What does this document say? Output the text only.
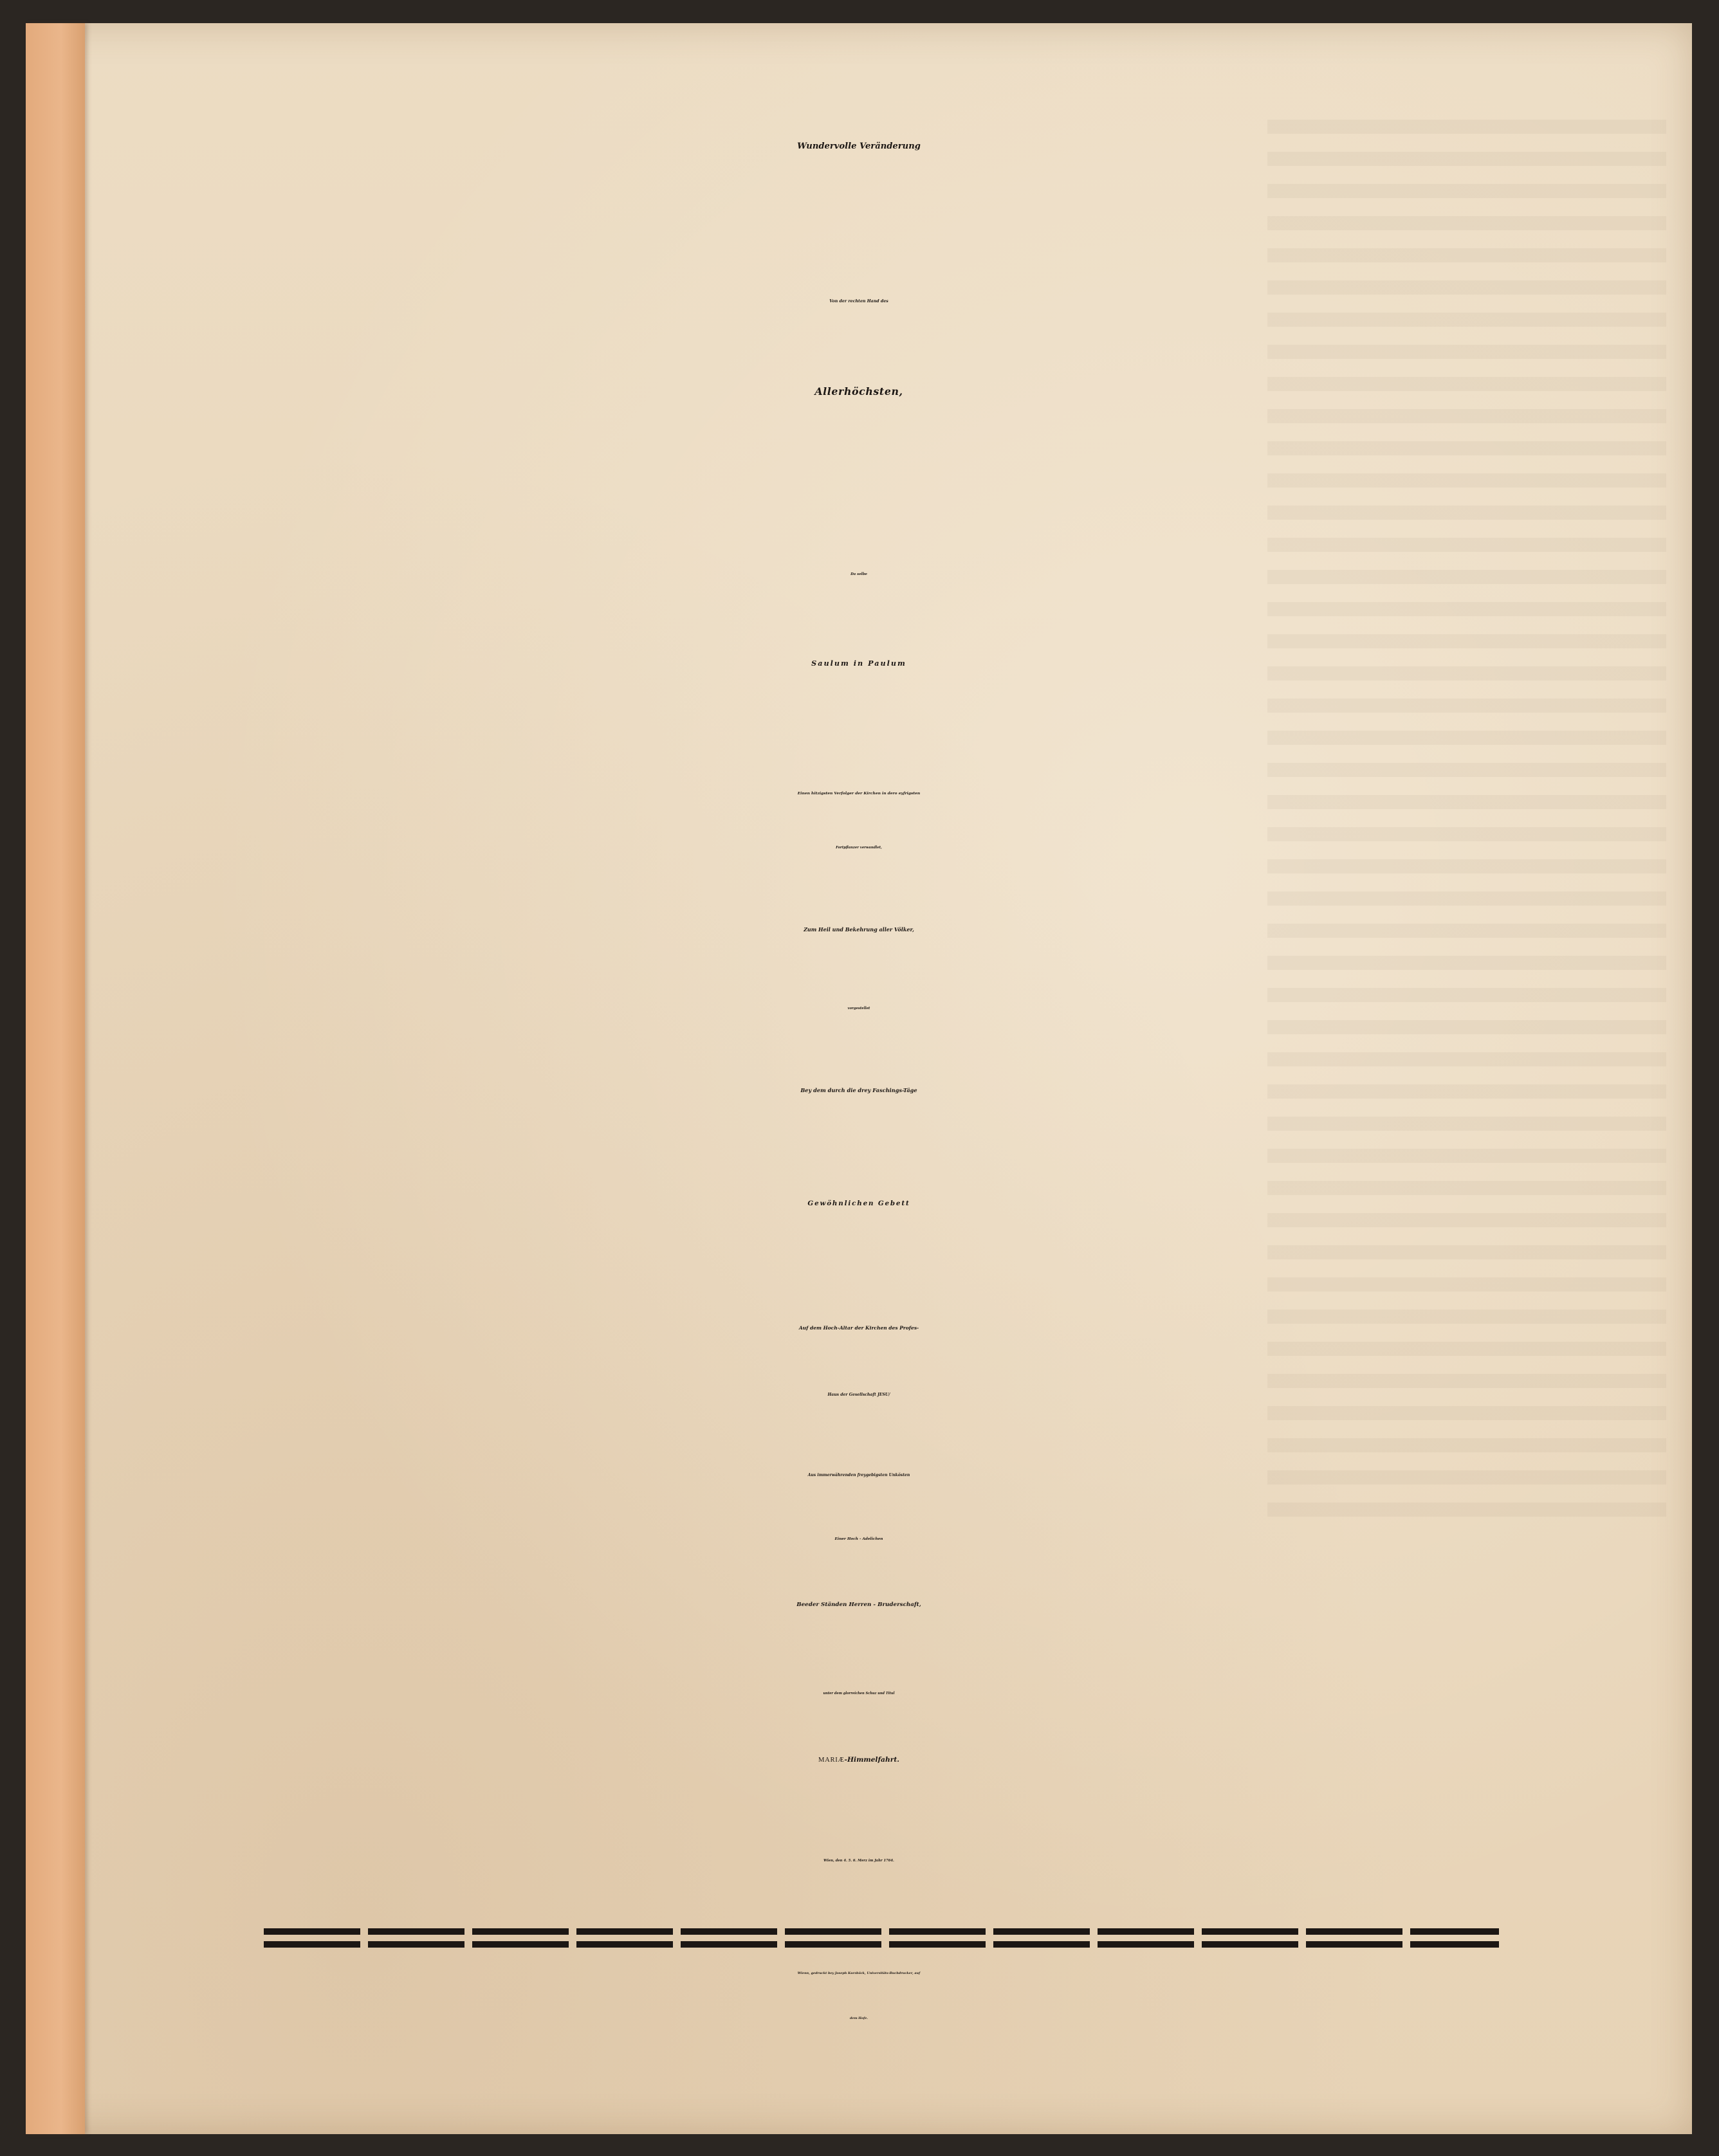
Wundervolle Veränderung
Von der rechten Hand des
Allerhöchsten,
Da selbe
Saulum in Paulum
Einen hitzigsten Verfolger der Kirchen in dero eyfrigsten
Fortpflanzer verwandlet,
Zum Heil und Bekehrung aller Völker,
vorgestellet
Bey dem durch die drey Faschings-Täge
Gewöhnlichen Gebett
Auf dem Hoch-Altar der Kirchen des Profes-
Haus der Gesellschaft JESU/
Aus immerwährenden freygebigsten Unkösten
Einer Hoch - Adelichen
Beeder Ständen Herren - Bruderschaft,
unter dem glorreichen Schuz und Titul
MARIÆ-Himmelfahrt.
Wien, den 4. 5. 6. Merz im Jahr 1764.
Wienn, gedruckt bey Joseph Kurzböck, Universitäts-Buchdrucker, auf
dem Hofe.
